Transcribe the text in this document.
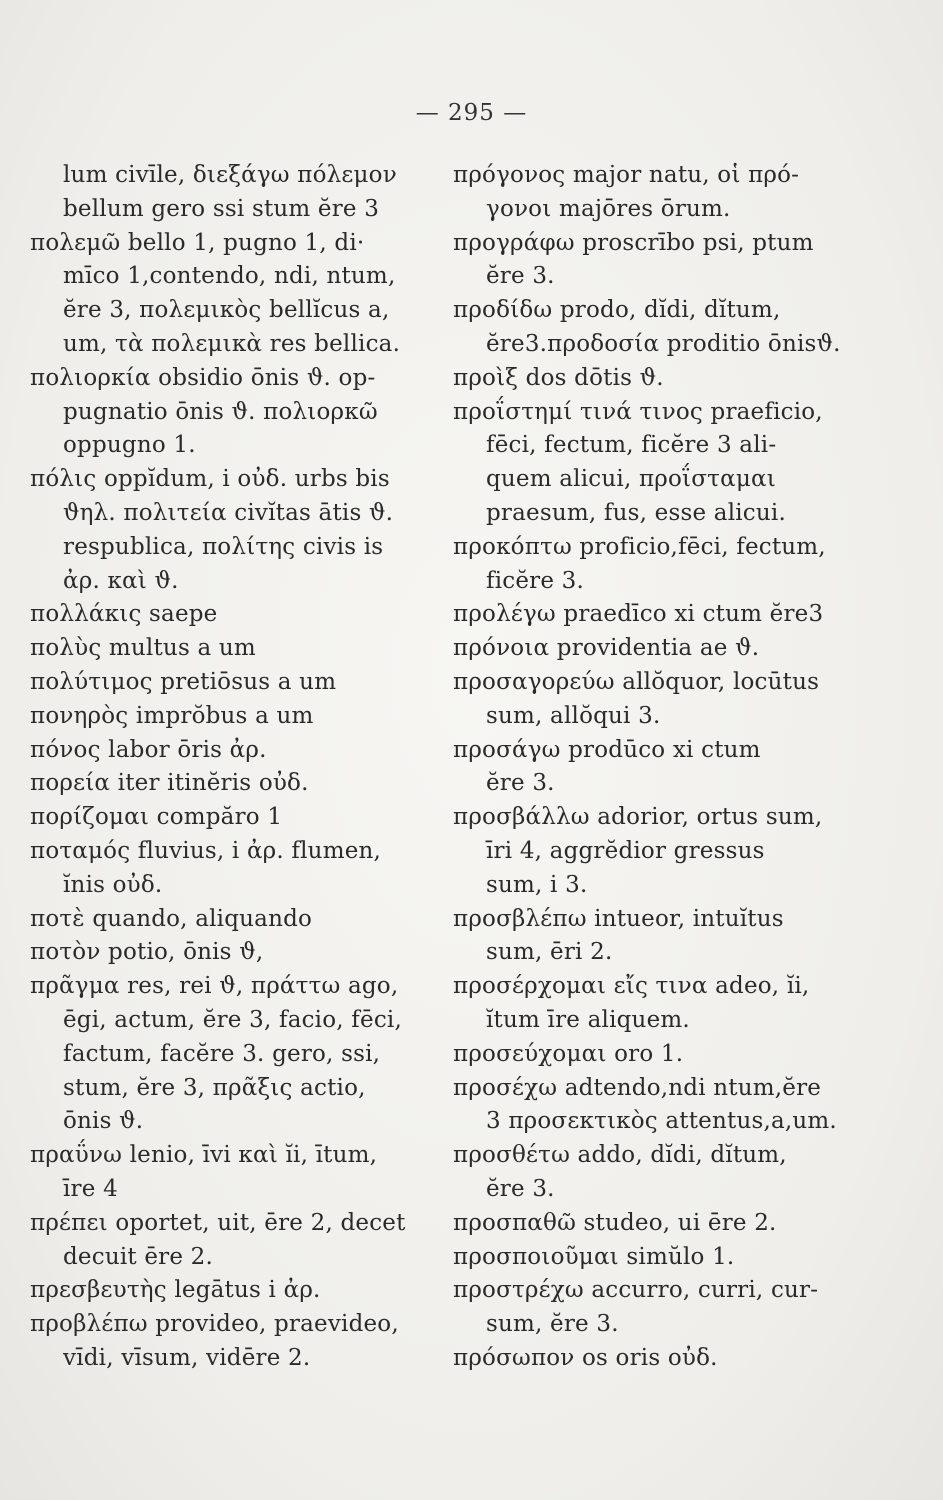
— 295 —
lum civīle, διεξάγω πόλεμον
bellum gero ssi stum ĕre 3
πολεμῶ bello 1, pugno 1, di·
mīco 1,contendo, ndi, ntum,
ĕre 3, πολεμικὸς bellĭcus a,
um, τὰ πολεμικὰ res bellica.
πολιορκία obsidio ōnis ϑ. op-
pugnatio ōnis ϑ. πολιορκῶ
oppugno 1.
πόλις oppĭdum, i οὐδ. urbs bis
ϑηλ. πολιτεία civĭtas ātis ϑ.
respublica, πολίτης civis is
ἀρ. καὶ ϑ.
πολλάκις saepe
πολὺς multus a um
πολύτιμος pretiōsus a um
πονηρὸς imprŏbus a um
πόνος labor ōris ἀρ.
πορεία iter itinĕris οὐδ.
πορίζομαι compăro 1
ποταμός fluvius, i ἀρ. flumen,
ĭnis οὐδ.
ποτὲ quando, aliquando
ποτὸν potio, ōnis ϑ,
πρᾶγμα res, rei ϑ, πράττω ago,
ēgi, actum, ĕre 3, facio, fēci,
factum, facĕre 3. gero, ssi,
stum, ĕre 3, πρᾶξις actio,
ōnis ϑ.
πραΰνω lenio, īvi καὶ ĭi, ītum,
īre 4
πρέπει oportet, uit, ēre 2, decet
decuit ēre 2.
πρεσβευτὴς legātus i ἀρ.
προβλέπω provideo, praevideo,
vīdi, vīsum, vidēre 2.
πρόγονος major natu, οἱ πρό-
γονοι majōres ōrum.
προγράφω proscrībo psi, ptum
ĕre 3.
προδίδω prodo, dĭdi, dĭtum,
ĕre3.προδοσία proditio ōnisϑ.
προὶξ dos dōtis ϑ.
προΐστημί τινά τινος praeficio,
fēci, fectum, ficĕre 3 ali-
quem alicui, προΐσταμαι
praesum, fus, esse alicui.
προκόπτω proficio,fēci, fectum,
ficĕre 3.
προλέγω praedīco xi ctum ĕre3
πρόνοια providentia ae ϑ.
προσαγορεύω allŏquor, locūtus
sum, allŏqui 3.
προσάγω prodūco xi ctum
ĕre 3.
προσβάλλω adorior, ortus sum,
īri 4, aggrĕdior gressus
sum, i 3.
προσβλέπω intueor, intuĭtus
sum, ēri 2.
προσέρχομαι εἴς τινα adeo, ĭi,
ĭtum īre aliquem.
προσεύχομαι oro 1.
προσέχω adtendo,ndi ntum,ĕre
3 προσεκτικὸς attentus,a,um.
προσθέτω addo, dĭdi, dĭtum,
ĕre 3.
προσπαθῶ studeo, ui ēre 2.
προσποιοῦμαι simŭlo 1.
προστρέχω accurro, curri, cur-
sum, ĕre 3.
πρόσωπον os oris οὐδ.
